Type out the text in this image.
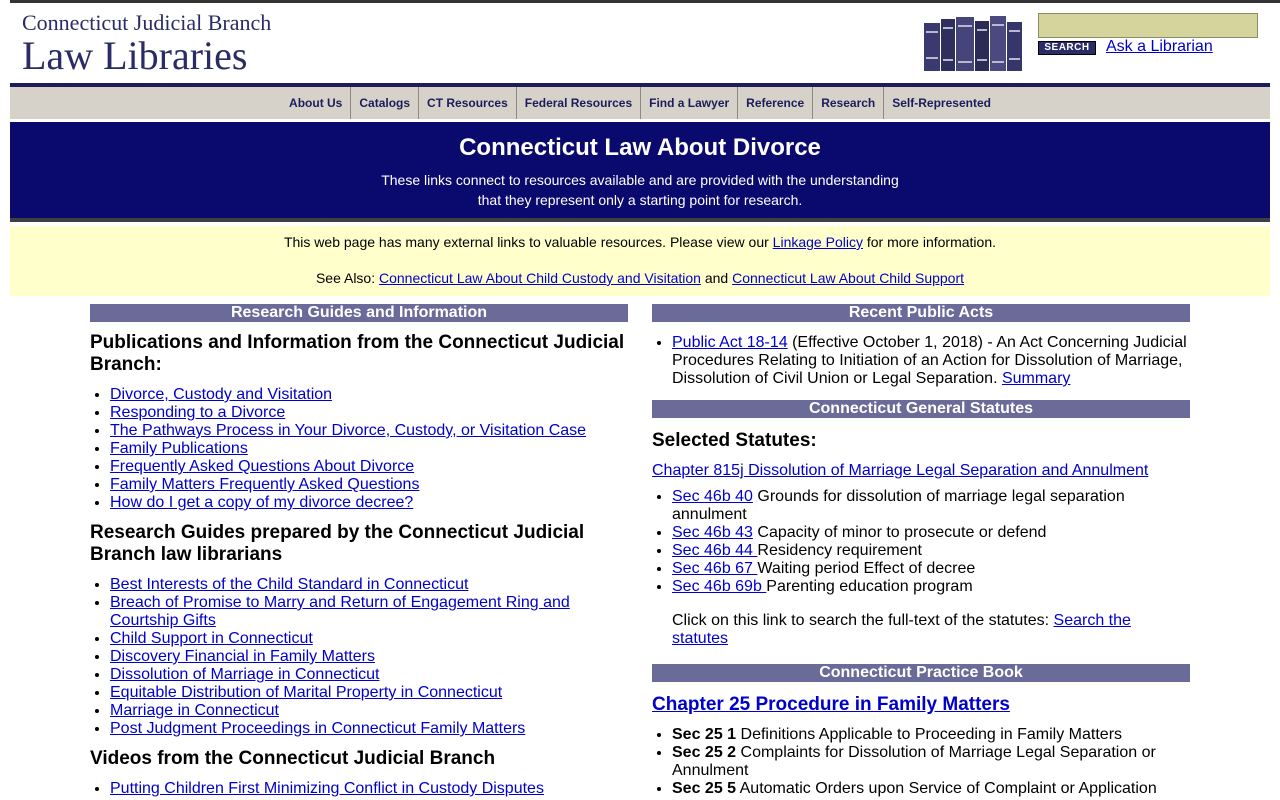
Connecticut Judicial Branch
Law Libraries	SEARCH	Ask a Librarian
About Us	Catalogs	CT Resources	Federal Resources	Find a Lawyer	Reference	Research	Self-Represented
Connecticut Law About Divorce

These links connect to resources available and are provided with the understanding
that they represent only a starting point for research.

This web page has many external links to valuable resources. Please view our Linkage Policy for more information.
See Also: Connecticut Law About Child Custody and Visitation and Connecticut Law About Child Support
Research Guides and Information
Publications and Information from the Connecticut Judicial Branch:
• Divorce, Custody and Visitation
• Responding to a Divorce
• The Pathways Process in Your Divorce, Custody, or Visitation Case
• Family Publications
• Frequently Asked Questions About Divorce
• Family Matters Frequently Asked Questions
• How do I get a copy of my divorce decree?
Research Guides prepared by the Connecticut Judicial Branch law librarians
• Best Interests of the Child Standard in Connecticut
• Breach of Promise to Marry and Return of Engagement Ring and Courtship Gifts
• Child Support in Connecticut
• Discovery Financial in Family Matters
• Dissolution of Marriage in Connecticut
• Equitable Distribution of Marital Property in Connecticut
• Marriage in Connecticut
• Post Judgment Proceedings in Connecticut Family Matters
Videos from the Connecticut Judicial Branch
• Putting Children First Minimizing Conflict in Custody Disputes
Recent Public Acts
• Public Act 18-14 (Effective October 1, 2018) - An Act Concerning Judicial Procedures Relating to Initiation of an Action for Dissolution of Marriage, Dissolution of Civil Union or Legal Separation. Summary
Connecticut General Statutes
Selected Statutes:
Chapter 815j Dissolution of Marriage Legal Separation and Annulment
• Sec 46b 40 Grounds for dissolution of marriage legal separation annulment
• Sec 46b 43 Capacity of minor to prosecute or defend
• Sec 46b 44 Residency requirement
• Sec 46b 67 Waiting period Effect of decree
• Sec 46b 69b Parenting education program
Click on this link to search the full-text of the statutes: Search the statutes
Connecticut Practice Book
Chapter 25 Procedure in Family Matters
• Sec 25 1 Definitions Applicable to Proceeding in Family Matters
• Sec 25 2 Complaints for Dissolution of Marriage Legal Separation or Annulment
• Sec 25 5 Automatic Orders upon Service of Complaint or Application
